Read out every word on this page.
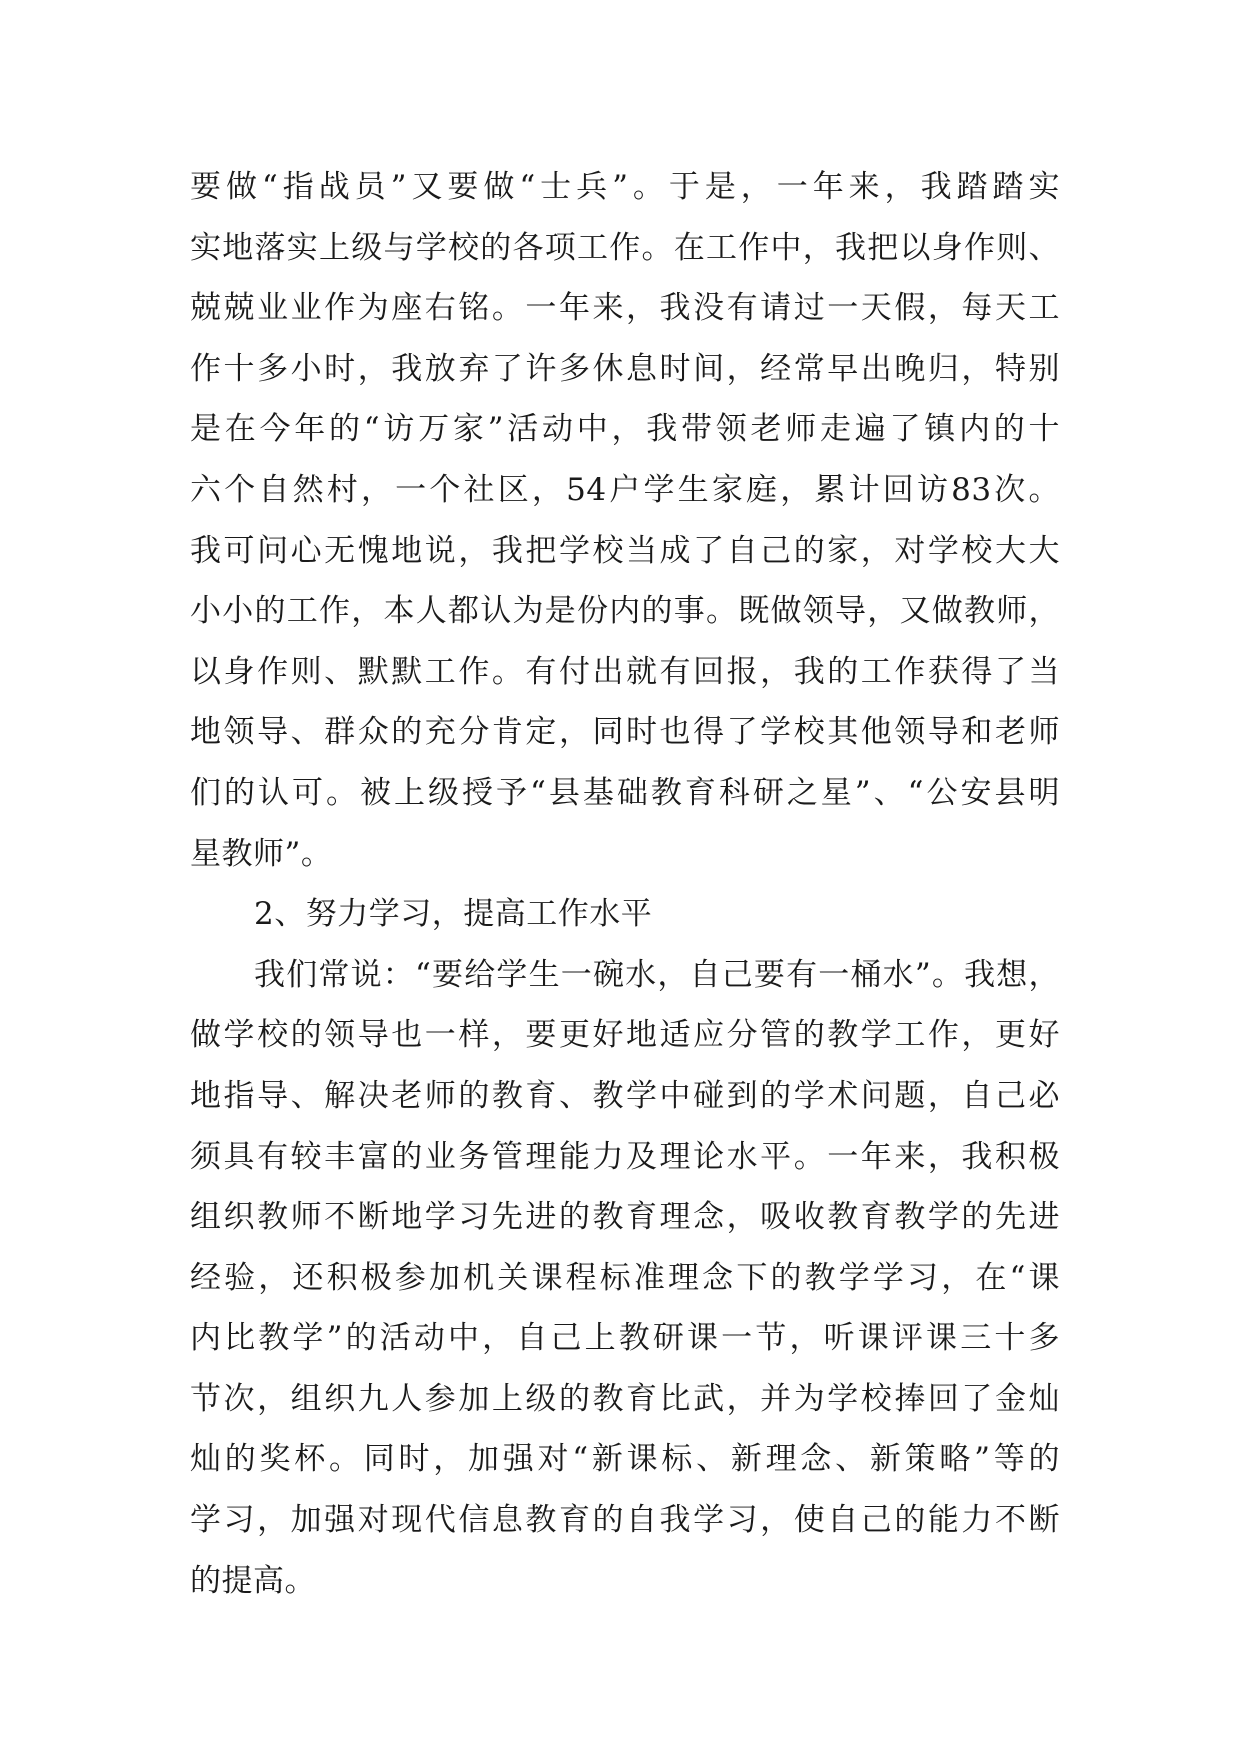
要做“指战员”又要做“士兵”。于是，一年来，我踏踏实
实地落实上级与学校的各项工作。在工作中，我把以身作则、
兢兢业业作为座右铭。一年来，我没有请过一天假，每天工
作十多小时，我放弃了许多休息时间，经常早出晚归，特别
是在今年的“访万家”活动中，我带领老师走遍了镇内的十
六个自然村，一个社区，54户学生家庭，累计回访83次。
我可问心无愧地说，我把学校当成了自己的家，对学校大大
小小的工作，本人都认为是份内的事。既做领导，又做教师，
以身作则、默默工作。有付出就有回报，我的工作获得了当
地领导、群众的充分肯定，同时也得了学校其他领导和老师
们的认可。被上级授予“县基础教育科研之星”、“公安县明
星教师”。
2、努力学习，提高工作水平
我们常说：“要给学生一碗水，自己要有一桶水”。我想，
做学校的领导也一样，要更好地适应分管的教学工作，更好
地指导、解决老师的教育、教学中碰到的学术问题，自己必
须具有较丰富的业务管理能力及理论水平。一年来，我积极
组织教师不断地学习先进的教育理念，吸收教育教学的先进
经验，还积极参加机关课程标准理念下的教学学习，在“课
内比教学”的活动中，自己上教研课一节，听课评课三十多
节次，组织九人参加上级的教育比武，并为学校捧回了金灿
灿的奖杯。同时，加强对“新课标、新理念、新策略”等的
学习，加强对现代信息教育的自我学习，使自己的能力不断
的提高。
